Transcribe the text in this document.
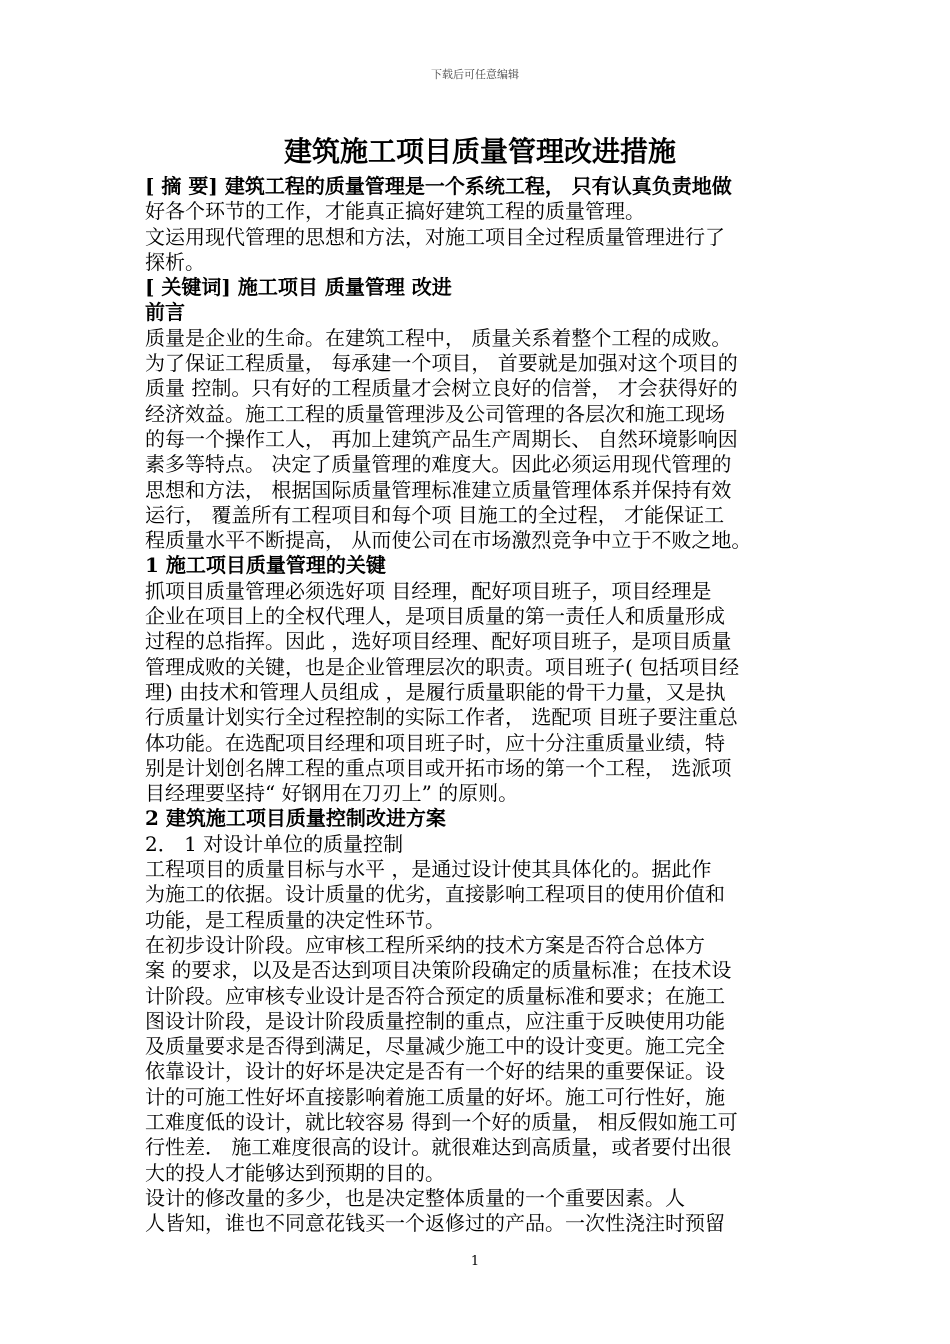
下载后可任意编辑
建筑施工项目质量管理改进措施
[ 摘 要] 建筑工程的质量管理是一个系统工程， 只有认真负责地做
好各个环节的工作，才能真正搞好建筑工程的质量管理。
文运用现代管理的思想和方法，对施工项目全过程质量管理进行了
探析。
[ 关键词] 施工项目 质量管理 改进
前言
质量是企业的生命。在建筑工程中， 质量关系着整个工程的成败。
为了保证工程质量， 每承建一个项目， 首要就是加强对这个项目的
质量 控制。只有好的工程质量才会树立良好的信誉， 才会获得好的
经济效益。施工工程的质量管理涉及公司管理的各层次和施工现场
的每一个操作工人， 再加上建筑产品生产周期长、 自然环境影响因
素多等特点。 决定了质量管理的难度大。因此必须运用现代管理的
思想和方法， 根据国际质量管理标准建立质量管理体系并保持有效
运行， 覆盖所有工程项目和每个项 目施工的全过程， 才能保证工
程质量水平不断提高， 从而使公司在市场激烈竞争中立于不败之地。
1 施工项目质量管理的关键
抓项目质量管理必须选好项 目经理，配好项目班子，项目经理是
企业在项目上的全权代理人，是项目质量的第一责任人和质量形成
过程的总指挥。因此 ，选好项目经理、配好项目班子，是项目质量
管理成败的关键，也是企业管理层次的职责。项目班子( 包括项目经
理) 由技术和管理人员组成 ，是履行质量职能的骨干力量，又是执
行质量计划实行全过程控制的实际工作者， 选配项 目班子要注重总
体功能。在选配项目经理和项目班子时，应十分注重质量业绩，特
别是计划创名牌工程的重点项目或开拓市场的第一个工程， 选派项
目经理要坚持“ 好钢用在刀刃上” 的原则。
2 建筑施工项目质量控制改进方案
2． 1 对设计单位的质量控制
工程项目的质量目标与水平 ，是通过设计使其具体化的。据此作
为施工的依据。设计质量的优劣，直接影响工程项目的使用价值和
功能，是工程质量的决定性环节。
在初步设计阶段。应审核工程所采纳的技术方案是否符合总体方
案 的要求，以及是否达到项目决策阶段确定的质量标准；在技术设
计阶段。应审核专业设计是否符合预定的质量标准和要求；在施工
图设计阶段，是设计阶段质量控制的重点，应注重于反映使用功能
及质量要求是否得到满足，尽量减少施工中的设计变更。施工完全
依靠设计，设计的好坏是决定是否有一个好的结果的重要保证。设
计的可施工性好坏直接影响着施工质量的好坏。施工可行性好，施
工难度低的设计，就比较容易 得到一个好的质量， 相反假如施工可
行性差． 施工难度很高的设计。就很难达到高质量，或者要付出很
大的投人才能够达到预期的目的。
设计的修改量的多少，也是决定整体质量的一个重要因素。人
人皆知，谁也不同意花钱买一个返修过的产品。一次性浇注时预留
1
